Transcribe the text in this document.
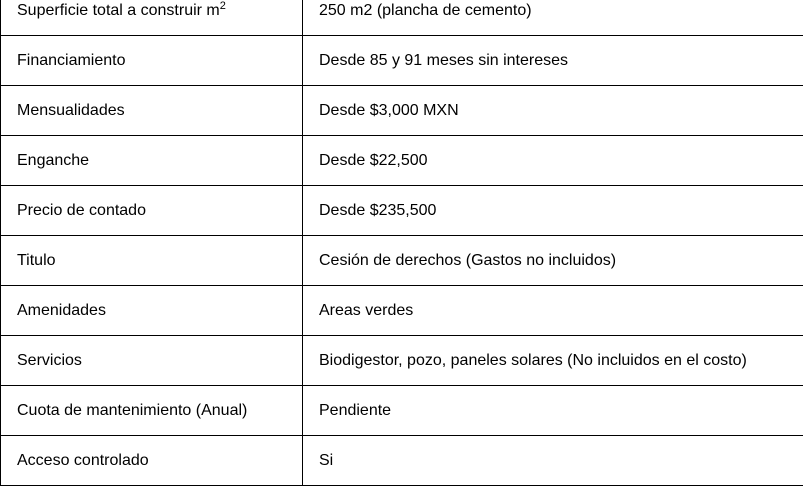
Superficie total a construir $m^2$	250 m2 (plancha de cemento)
Financiamiento	Desde 85 y 91 meses sin intereses
Mensualidades	Desde $3,000 MXN
Enganche	Desde $22,500
Precio de contado	Desde $235,500
Titulo	Cesión de derechos (Gastos no incluidos)
Amenidades	Areas verdes
Servicios	Biodigestor, pozo, paneles solares (No incluidos en el costo)
Cuota de mantenimiento (Anual)	Pendiente
Acceso controlado	Si
